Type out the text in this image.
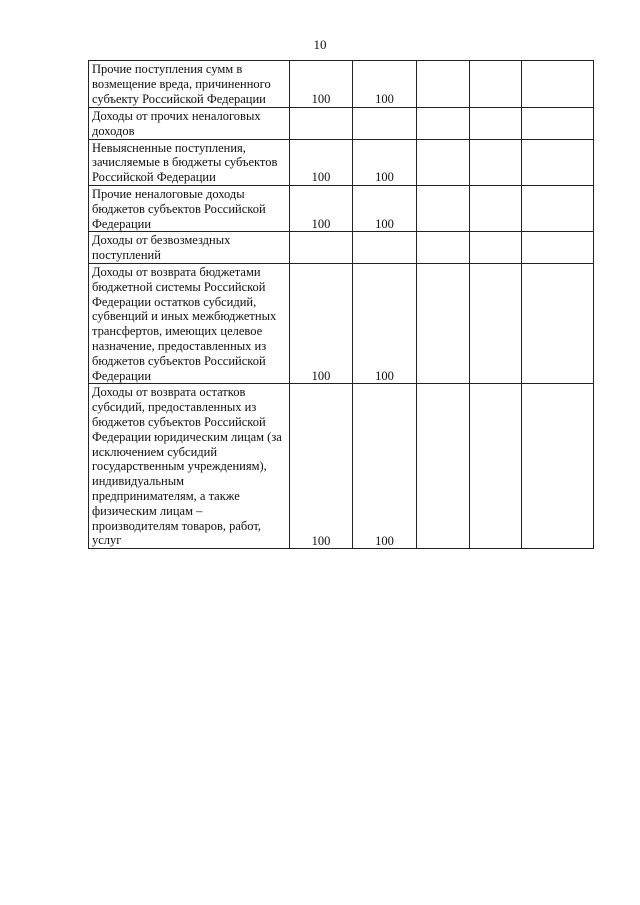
10
Прочие поступления сумм в возмещение вреда, причиненного субъекту Российской Федерации	100	100			
Доходы от прочих неналоговых доходов					
Невыясненные поступления, зачисляемые в бюджеты субъектов Российской Федерации	100	100			
Прочие неналоговые доходы бюджетов субъектов Российской Федерации	100	100			
Доходы от безвозмездных поступлений					
Доходы от возврата бюджетами бюджетной системы Российской Федерации остатков субсидий, субвенций и иных межбюджетных трансфертов, имеющих целевое назначение, предоставленных из бюджетов субъектов Российской Федерации	100	100			
Доходы от возврата остатков субсидий, предоставленных из бюджетов субъектов Российской Федерации юридическим лицам (за исключением субсидий государственным учреждениям), индивидуальным предпринимателям, а также физическим лицам – производителям товаров, работ, услуг	100	100			
